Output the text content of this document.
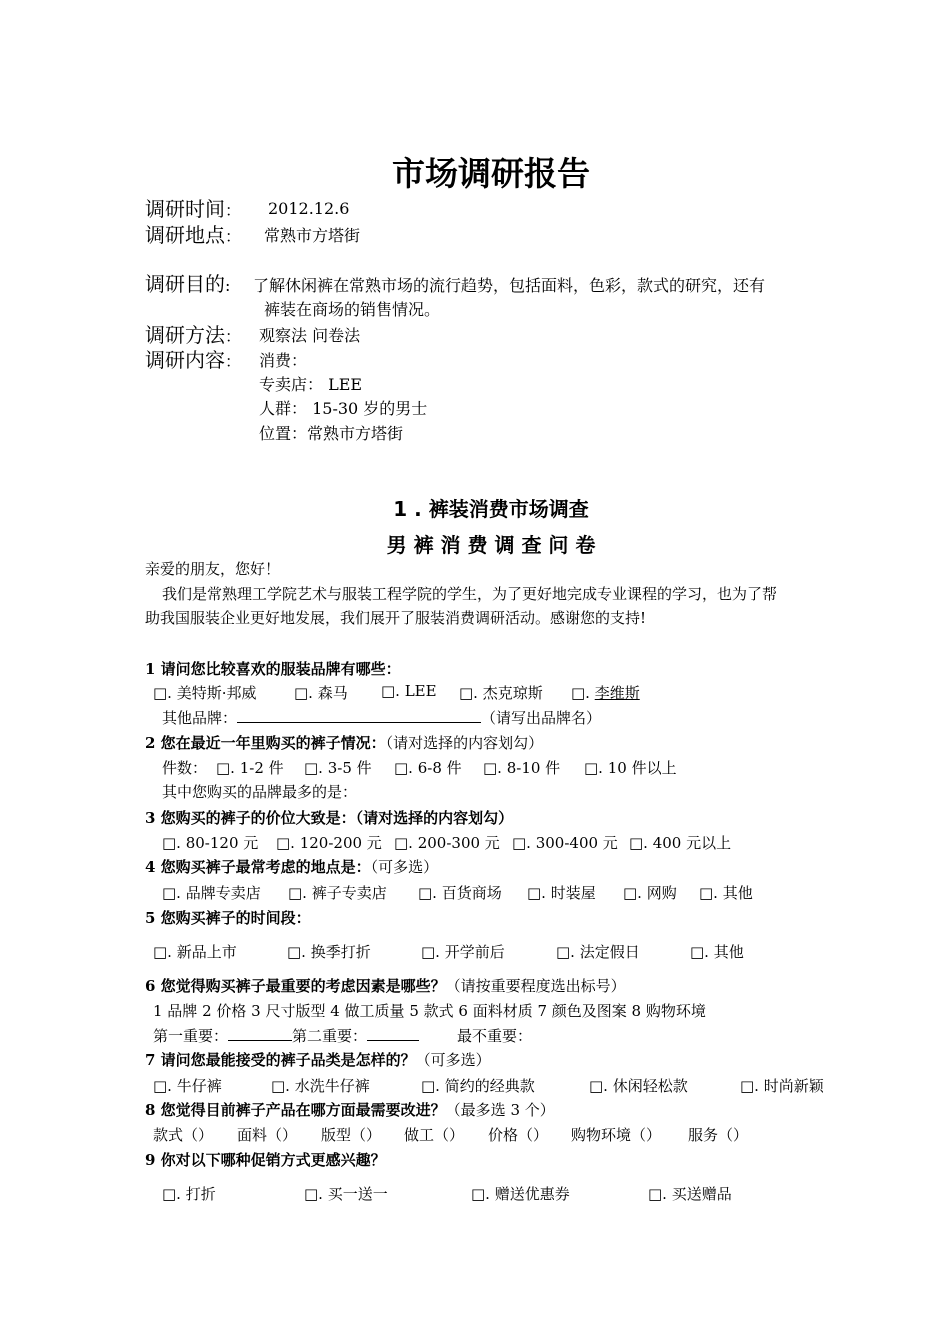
市场调研报告
调研时间： 2012.12.6
调研地点： 常熟市方塔街
调研目的: 了解休闲裤在常熟市场的流行趋势，包括面料，色彩，款式的研究，还有
裤装在商场的销售情况。
调研方法： 观察法 问卷法
调研内容： 消费：
专卖店： LEE
人群： 15-30 岁的男士
位置：常熟市方塔街
1 . 裤装消费市场调查
男 裤 消 费 调 查 问 卷
亲爱的朋友，您好！
我们是常熟理工学院艺术与服装工程学院的学生，为了更好地完成专业课程的学习，也为了帮
助我国服装企业更好地发展，我们展开了服装消费调研活动。感谢您的支持!
1 请问您比较喜欢的服装品牌有哪些：
□. 美特斯·邦威	□. 森马 □. LEE □. 杰克琼斯 □. 李维斯
其他品牌：	（请写出品牌名）
2 您在最近一年里购买的裤子情况：（请对选择的内容划勾）
件数： □. 1-2 件 □. 3-5 件 □. 6-8 件 □. 8-10 件 □. 10 件以上
其中您购买的品牌最多的是：
3 您购买的裤子的价位大致是：（请对选择的内容划勾）
□. 80-120 元 □. 120-200 元 □. 200-300 元 □. 300-400 元 □. 400 元以上
4 您购买裤子最常考虑的地点是：（可多选）
□. 品牌专卖店 □. 裤子专卖店 □. 百货商场 □. 时装屋 □. 网购 □. 其他
5 您购买裤子的时间段：
□. 新品上市	□. 换季打折	□. 开学前后	□. 法定假日	□. 其他
6 您觉得购买裤子最重要的考虑因素是哪些？（请按重要程度选出标号）
1 品牌 2 价格 3 尺寸版型 4 做工质量 5 款式 6 面料材质 7 颜色及图案 8 购物环境
第一重要：	第二重要：	最不重要：
7 请问您最能接受的裤子品类是怎样的？（可多选）
□. 牛仔裤	□. 水洗牛仔裤	□. 简约的经典款	□. 休闲轻松款	□. 时尚新颖
8 您觉得目前裤子产品在哪方面最需要改进？（最多选 3 个）
款式（） 面料（） 版型（） 做工（） 价格（） 购物环境（） 服务（）
9 你对以下哪种促销方式更感兴趣？
□. 打折	□. 买一送一	□. 赠送优惠券	□. 买送赠品
